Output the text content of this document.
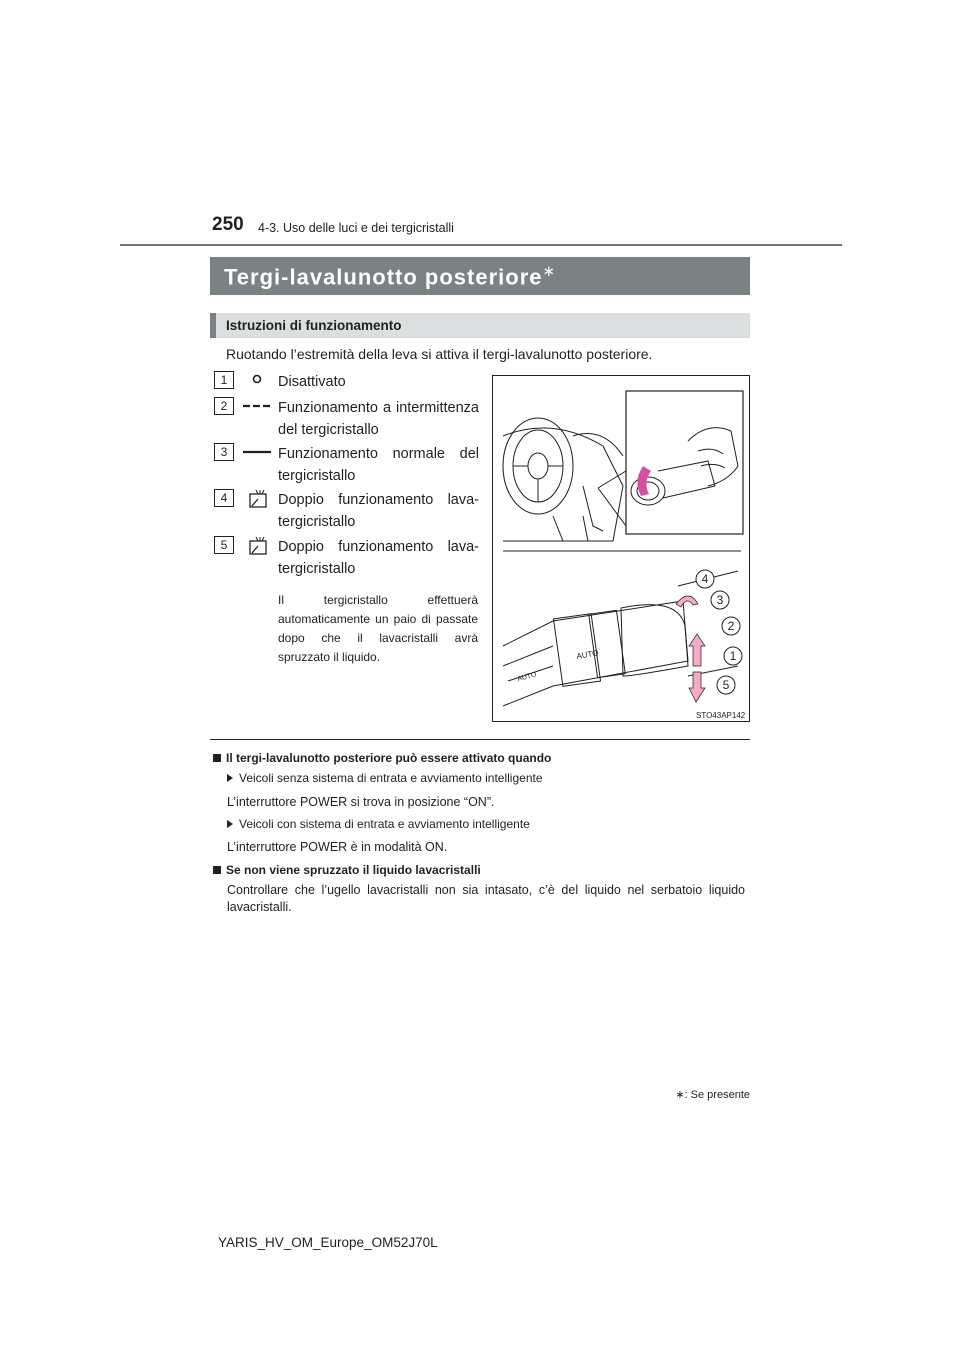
250 4-3. Uso delle luci e dei tergicristalli
Tergi-lavalunotto posteriore∗
Istruzioni di funzionamento
Ruotando l’estremità della leva si attiva il tergi-lavalunotto posteriore.
1	Disattivato
2	Funzionamento a intermittenza del tergicristallo
3	Funzionamento normale del tergicristallo
4	Doppio funzionamento lava-tergicristallo
5	Doppio funzionamento lava-tergicristallo
Il tergicristallo effettuerà automaticamente un paio di passate dopo che il lavacristalli avrà spruzzato il liquido.	AUTO
AUTO
4
3
2
1
5
STO43AP142
Il tergi-lavalunotto posteriore può essere attivato quando
Veicoli senza sistema di entrata e avviamento intelligente
L’interruttore POWER si trova in posizione “ON”.
Veicoli con sistema di entrata e avviamento intelligente
L’interruttore POWER è in modalità ON.
Se non viene spruzzato il liquido lavacristalli
Controllare che l’ugello lavacristalli non sia intasato, c’è del liquido nel serbatoio liquido lavacristalli.
∗: Se presente
YARIS_HV_OM_Europe_OM52J70L
